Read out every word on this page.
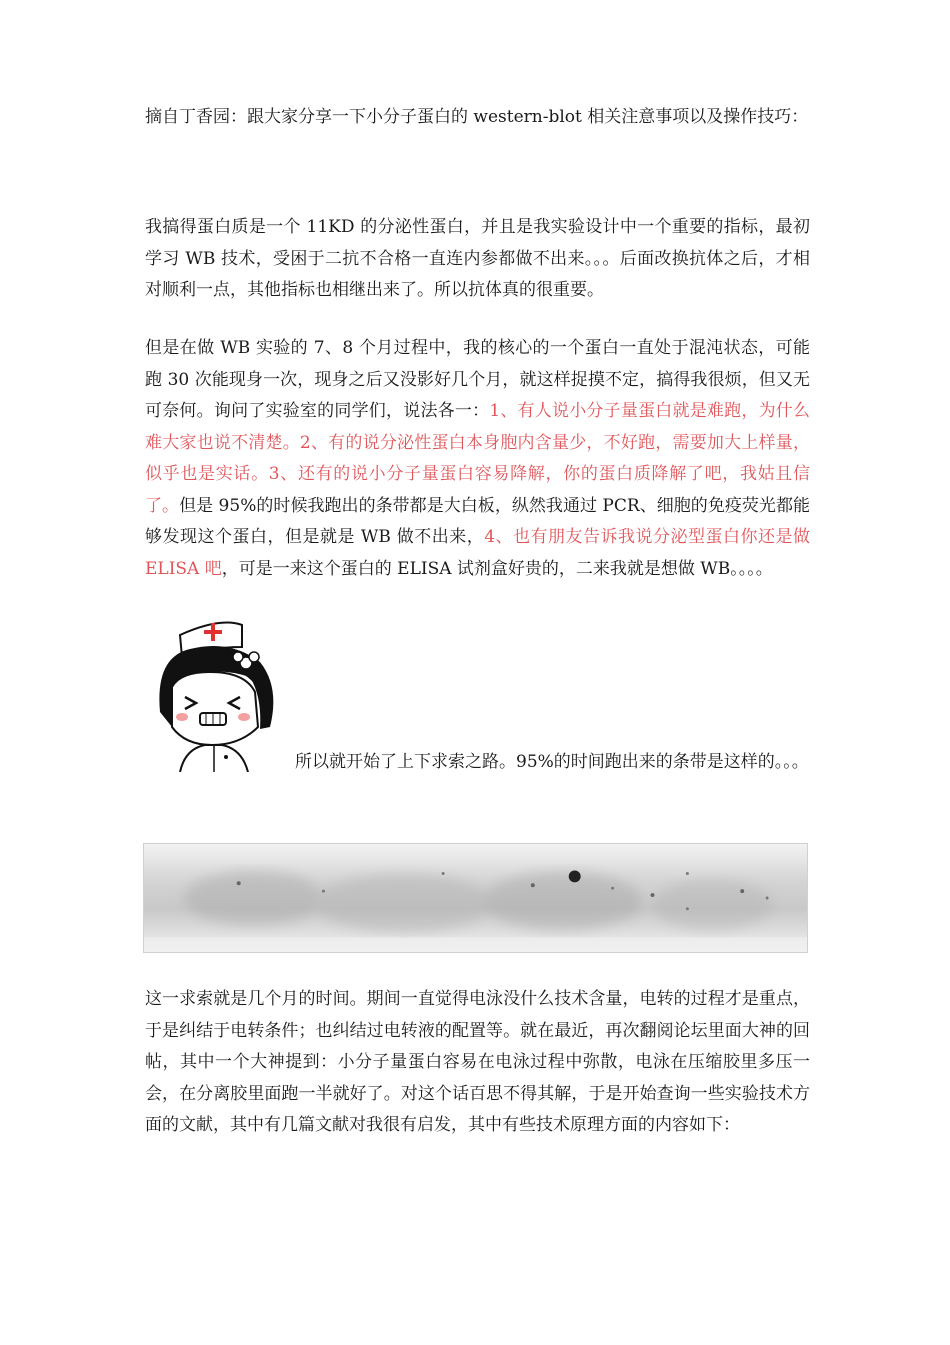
摘自丁香园：跟大家分享一下小分子蛋白的 western-blot 相关注意事项以及操作技巧：

我搞得蛋白质是一个 11KD 的分泌性蛋白，并且是我实验设计中一个重要的指标，最初学习 WB 技术，受困于二抗不合格一直连内参都做不出来。。。后面改换抗体之后，才相对顺利一点，其他指标也相继出来了。所以抗体真的很重要。

但是在做 WB 实验的 7、8 个月过程中，我的核心的一个蛋白一直处于混沌状态，可能跑 30 次能现身一次，现身之后又没影好几个月，就这样捉摸不定，搞得我很烦，但又无可奈何。询问了实验室的同学们，说法各一：1、有人说小分子量蛋白就是难跑，为什么难大家也说不清楚。2、有的说分泌性蛋白本身胞内含量少，不好跑，需要加大上样量，似乎也是实话。3、还有的说小分子量蛋白容易降解，你的蛋白质降解了吧，我姑且信了。但是 95%的时候我跑出的条带都是大白板，纵然我通过 PCR、细胞的免疫荧光都能够发现这个蛋白，但是就是 WB 做不出来，4、也有朋友告诉我说分泌型蛋白你还是做 ELISA 吧，可是一来这个蛋白的 ELISA 试剂盒好贵的，二来我就是想做 WB。。。。

所以就开始了上下求索之路。95%的时间跑出来的条带是这样的。。。

这一求索就是几个月的时间。期间一直觉得电泳没什么技术含量，电转的过程才是重点，于是纠结于电转条件；也纠结过电转液的配置等。就在最近，再次翻阅论坛里面大神的回帖，其中一个大神提到：小分子量蛋白容易在电泳过程中弥散，电泳在压缩胶里多压一会，在分离胶里面跑一半就好了。对这个话百思不得其解，于是开始查询一些实验技术方面的文献，其中有几篇文献对我很有启发，其中有些技术原理方面的内容如下：
